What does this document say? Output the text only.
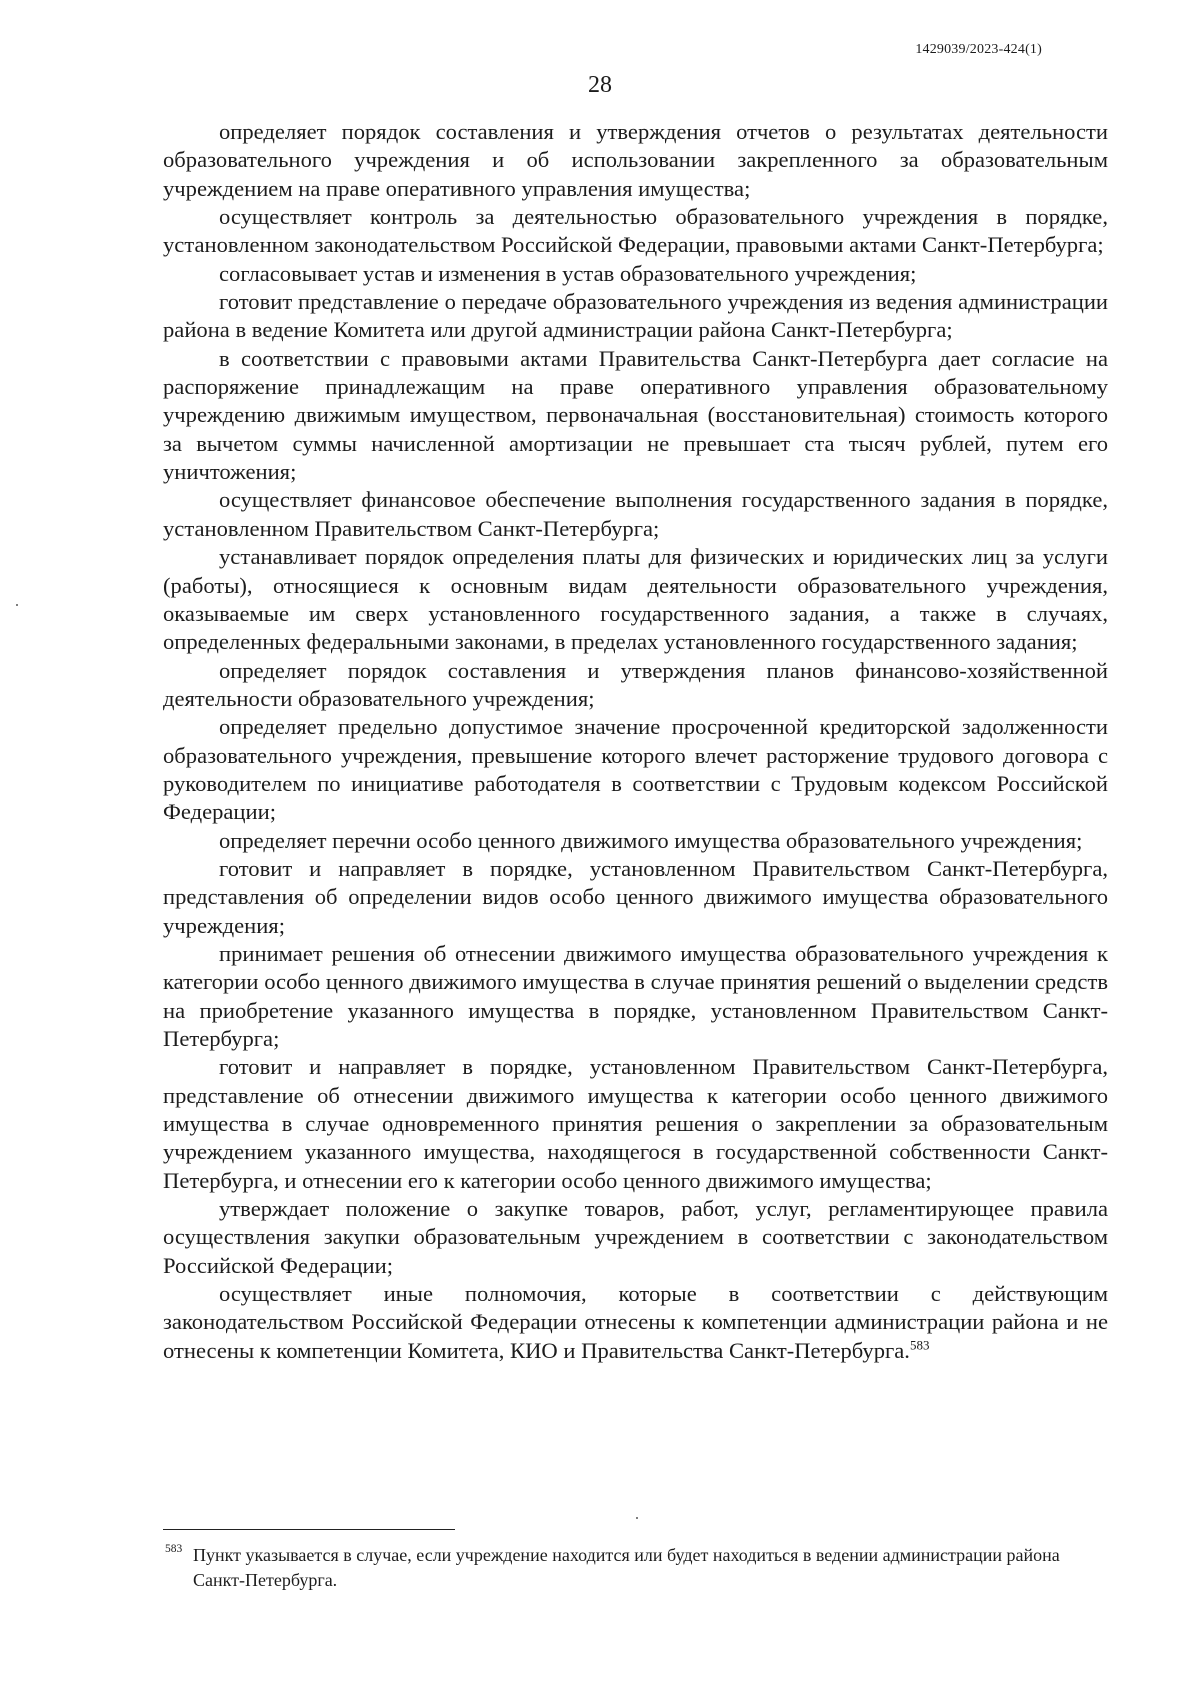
1429039/2023-424(1)
28

определяет порядок составления и утверждения отчетов о результатах деятельности образовательного учреждения и об использовании закрепленного за образовательным учреждением на праве оперативного управления имущества;

осуществляет контроль за деятельностью образовательного учреждения в порядке, установленном законодательством Российской Федерации, правовыми актами Санкт-Петербурга;

согласовывает устав и изменения в устав образовательного учреждения;

готовит представление о передаче образовательного учреждения из ведения администрации района в ведение Комитета или другой администрации района Санкт-Петербурга;

в соответствии с правовыми актами Правительства Санкт-Петербурга дает согласие на распоряжение принадлежащим на праве оперативного управления образовательному учреждению движимым имуществом, первоначальная (восстановительная) стоимость которого за вычетом суммы начисленной амортизации не превышает ста тысяч рублей, путем его уничтожения;

осуществляет финансовое обеспечение выполнения государственного задания в порядке, установленном Правительством Санкт-Петербурга;

устанавливает порядок определения платы для физических и юридических лиц за услуги (работы), относящиеся к основным видам деятельности образовательного учреждения, оказываемые им сверх установленного государственного задания, а также в случаях, определенных федеральными законами, в пределах установленного государственного задания;

определяет порядок составления и утверждения планов финансово-хозяйственной деятельности образовательного учреждения;

определяет предельно допустимое значение просроченной кредиторской задолженности образовательного учреждения, превышение которого влечет расторжение трудового договора с руководителем по инициативе работодателя в соответствии с Трудовым кодексом Российской Федерации;

определяет перечни особо ценного движимого имущества образовательного учреждения;

готовит и направляет в порядке, установленном Правительством Санкт-Петербурга, представления об определении видов особо ценного движимого имущества образовательного учреждения;

принимает решения об отнесении движимого имущества образовательного учреждения к категории особо ценного движимого имущества в случае принятия решений о выделении средств на приобретение указанного имущества в порядке, установленном Правительством Санкт-Петербурга;

готовит и направляет в порядке, установленном Правительством Санкт-Петербурга, представление об отнесении движимого имущества к категории особо ценного движимого имущества в случае одновременного принятия решения о закреплении за образовательным учреждением указанного имущества, находящегося в государственной собственности Санкт-Петербурга, и отнесении его к категории особо ценного движимого имущества;

утверждает положение о закупке товаров, работ, услуг, регламентирующее правила осуществления закупки образовательным учреждением в соответствии с законодательством Российской Федерации;

осуществляет иные полномочия, которые в соответствии с действующим законодательством Российской Федерации отнесены к компетенции администрации района и не отнесены к компетенции Комитета, КИО и Правительства Санкт-Петербурга.$^{583}$

583 Пункт указывается в случае, если учреждение находится или будет находиться в ведении администрации района Санкт-Петербурга.
